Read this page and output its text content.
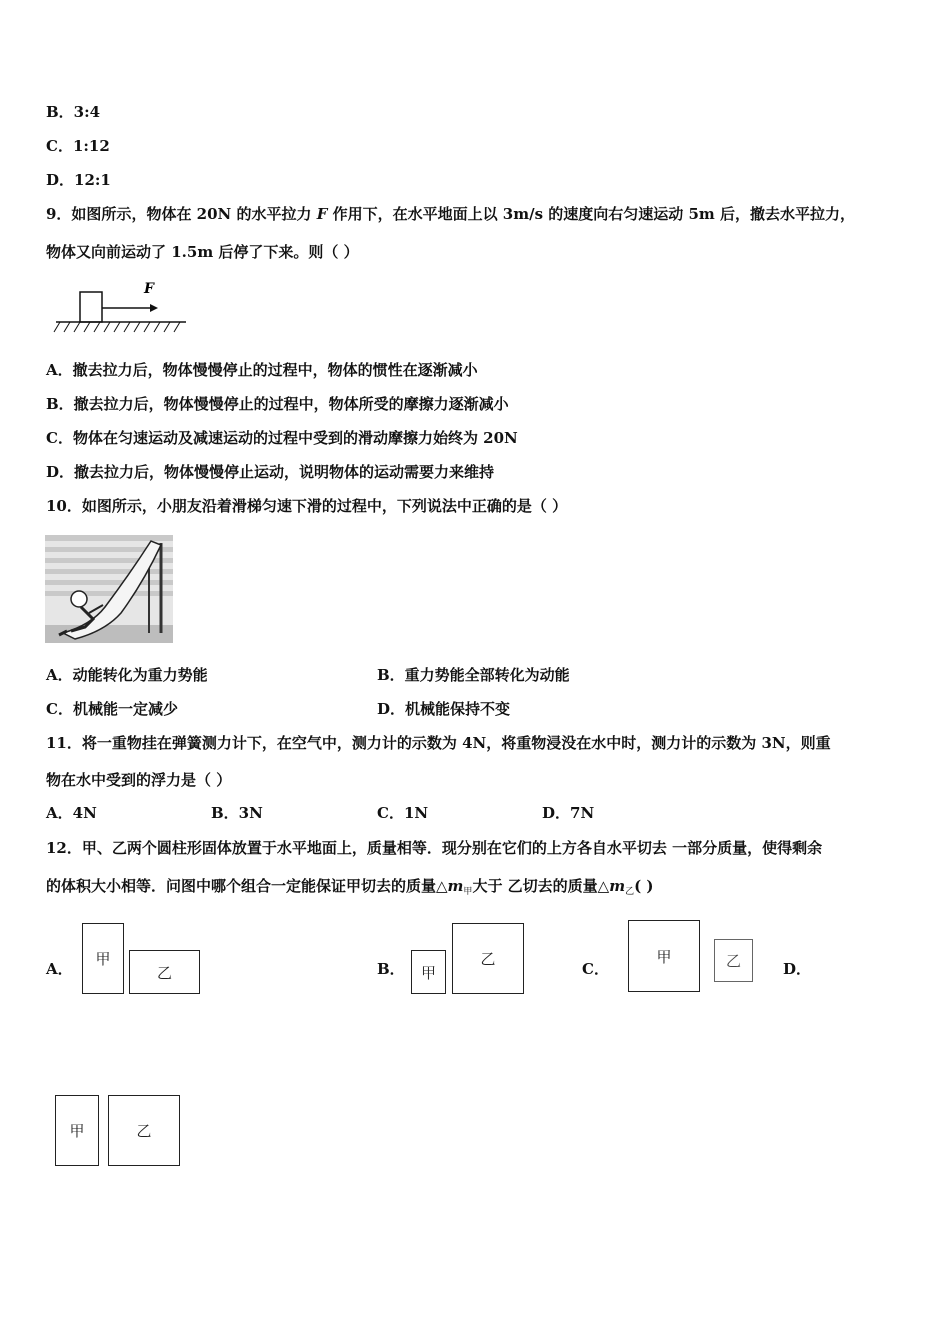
B．3:4
C．1:12
D．12:1
9．如图所示，物体在 20N 的水平拉力 F 作用下，在水平地面上以 3m/s 的速度向右匀速运动 5m 后，撤去水平拉力，
物体又向前运动了 1.5m 后停了下来。则（ ）
F
A．撤去拉力后，物体慢慢停止的过程中，物体的惯性在逐渐减小
B．撤去拉力后，物体慢慢停止的过程中，物体所受的摩擦力逐渐减小
C．物体在匀速运动及减速运动的过程中受到的滑动摩擦力始终为 20N
D．撤去拉力后，物体慢慢停止运动，说明物体的运动需要力来维持
10．如图所示，小朋友沿着滑梯匀速下滑的过程中，下列说法中正确的是（ ）
A．动能转化为重力势能	B．重力势能全部转化为动能
C．机械能一定减少	D．机械能保持不变
11．将一重物挂在弹簧测力计下，在空气中，测力计的示数为 4N，将重物浸没在水中时，测力计的示数为 3N，则重
物在水中受到的浮力是（ ）
A．4N	B．3N	C．1N	D．7N
12．甲、乙两个圆柱形固体放置于水平地面上，质量相等．现分别在它们的上方各自水平切去 一部分质量，使得剩余
的体积大小相等．问图中哪个组合一定能保证甲切去的质量$\triangle m_甲$大于 乙切去的质量$\triangle m_乙$( )
A．
甲
乙	B．	甲
乙
C．
甲	乙	D．
甲	乙
